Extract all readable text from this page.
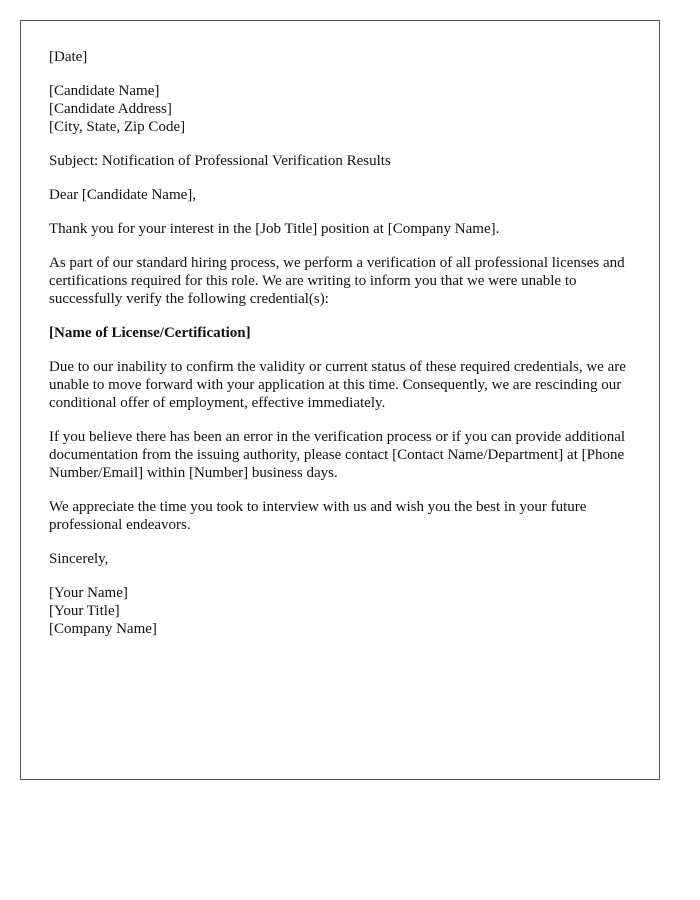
[Date]
[Candidate Name]
[Candidate Address]
[City, State, Zip Code]
Subject: Notification of Professional Verification Results
Dear [Candidate Name],
Thank you for your interest in the [Job Title] position at [Company Name].
As part of our standard hiring process, we perform a verification of all professional licenses and certifications required for this role. We are writing to inform you that we were unable to successfully verify the following credential(s):
[Name of License/Certification]
Due to our inability to confirm the validity or current status of these required credentials, we are unable to move forward with your application at this time. Consequently, we are rescinding our conditional offer of employment, effective immediately.
If you believe there has been an error in the verification process or if you can provide additional documentation from the issuing authority, please contact [Contact Name/Department] at [Phone Number/Email] within [Number] business days.
We appreciate the time you took to interview with us and wish you the best in your future professional endeavors.
Sincerely,
[Your Name]
[Your Title]
[Company Name]
